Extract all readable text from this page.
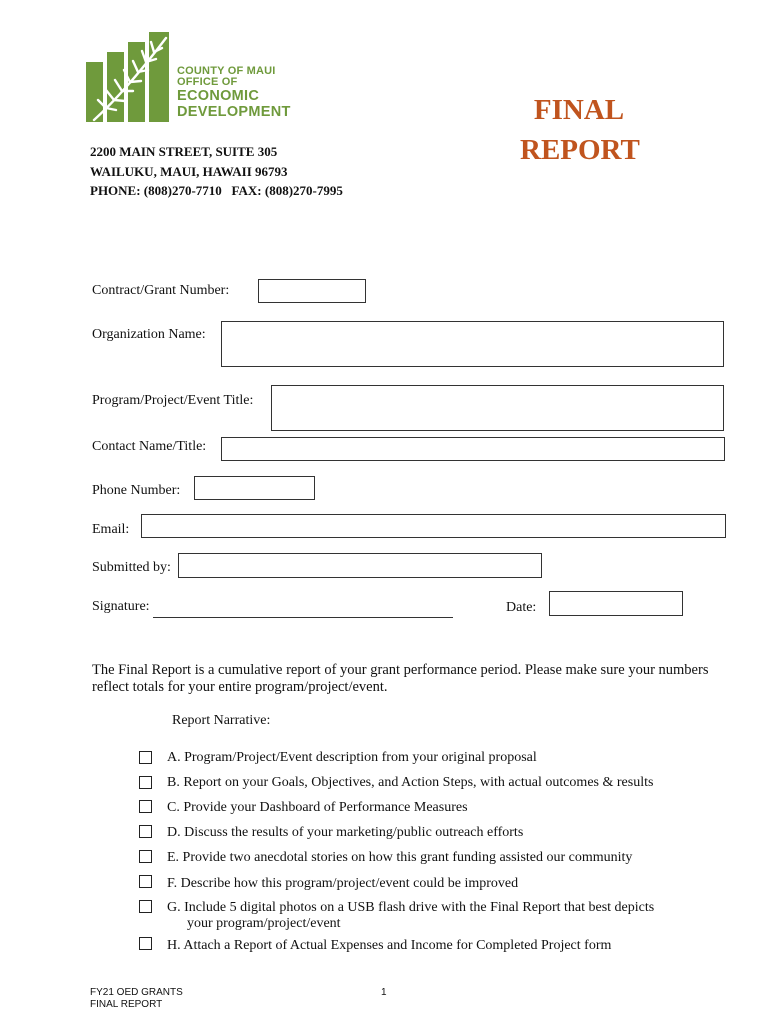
COUNTY OF MAUI
OFFICE OF
ECONOMIC
DEVELOPMENT
2200 MAIN STREET, SUITE 305
WAILUKU, MAUI, HAWAII 96793
PHONE: (808)270-7710   FAX: (808)270-7995
FINAL
REPORT
Contract/Grant Number:
Organization Name:
Program/Project/Event Title:
Contact Name/Title:
Phone Number:
Email:
Submitted by:
Signature:	Date:
The Final Report is a cumulative report of your grant performance period. Please make sure your numbers reflect totals for your entire program/project/event.
Report Narrative:
A. Program/Project/Event description from your original proposal
B. Report on your Goals, Objectives, and Action Steps, with actual outcomes & results
C. Provide your Dashboard of Performance Measures
D. Discuss the results of your marketing/public outreach efforts
E. Provide two anecdotal stories on how this grant funding assisted our community
F. Describe how this program/project/event could be improved
G. Include 5 digital photos on a USB flash drive with the Final Report that best depicts
your program/project/event
H. Attach a Report of Actual Expenses and Income for Completed Project form
FY21 OED GRANTS
FINAL REPORT
1
